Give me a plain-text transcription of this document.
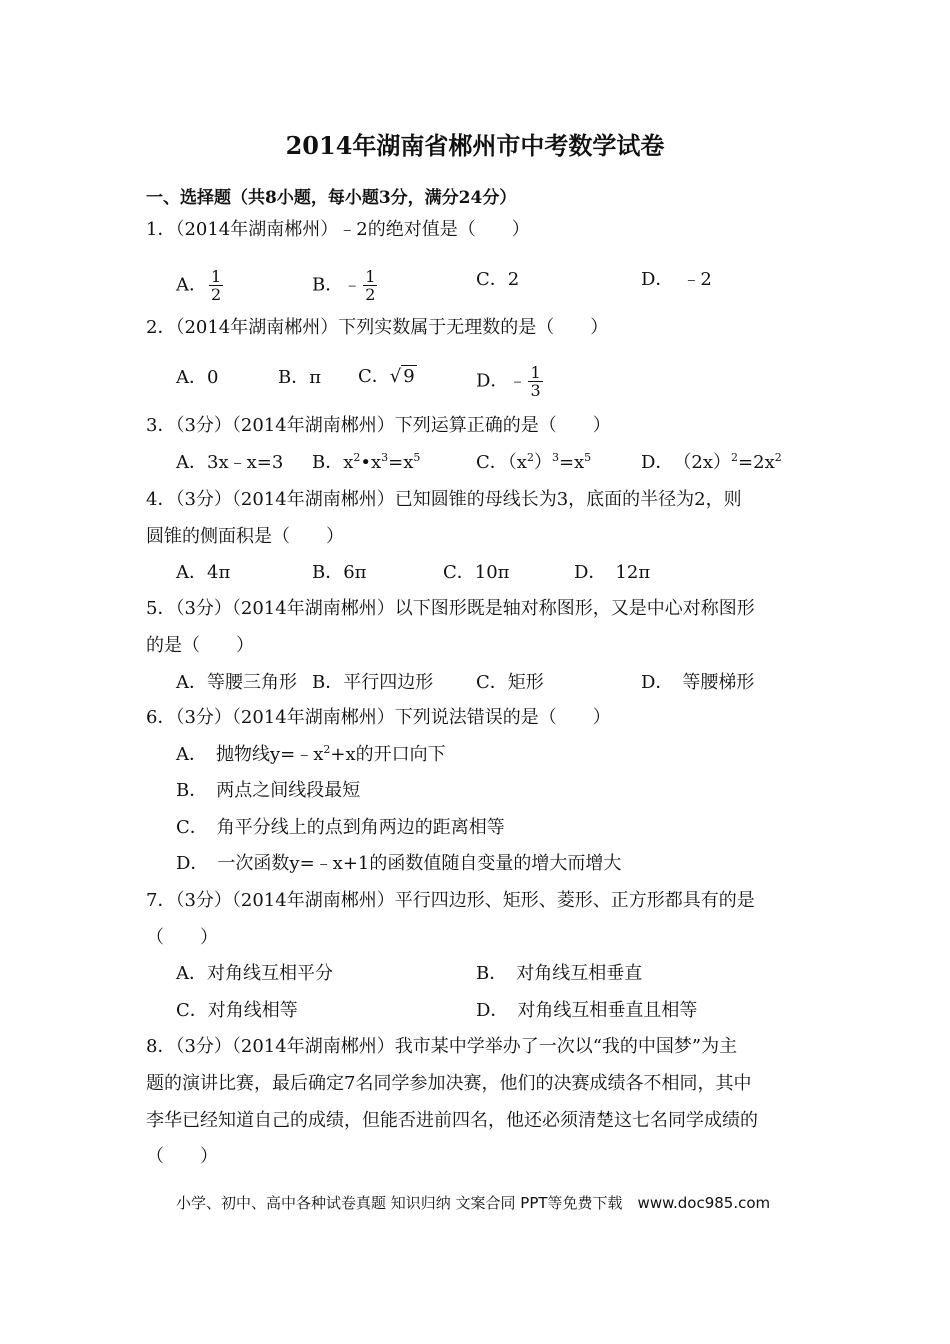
2014年湖南省郴州市中考数学试卷
一、选择题（共8小题，每小题3分，满分24分）
1．（2014年湖南郴州）﹣2的绝对值是（　　）
A． $\frac{1}{2}$	B．﹣ $\frac{1}{2}$	C．2	D．　﹣2
2．（2014年湖南郴州）下列实数属于无理数的是（　　）
A．0	B．π C．√ 9	D．﹣ $\frac{1}{3}$
3．（3分）（2014年湖南郴州）下列运算正确的是（　　）
A．3x﹣x=3 B．$x^2•x^3=x^5$	C．$(x^2)^3=x^5$	D．　$(2x)^2=2x^2$
4．（3分）（2014年湖南郴州）已知圆锥的母线长为3，底面的半径为2，则
圆锥的侧面积是（　　）
A．4π	B．6π	C．10π	D．　12π
5．（3分）（2014年湖南郴州）以下图形既是轴对称图形，又是中心对称图形
的是（　　）
A．等腰三角形 B．平行四边形 C．矩形	D．　等腰梯形
6．（3分）（2014年湖南郴州）下列说法错误的是（　　）
A．　抛物线$y=﹣x^2+x$的开口向下
B．　两点之间线段最短
C．　角平分线上的点到角两边的距离相等
D．　一次函数y=﹣x+1的函数值随自变量的增大而增大
7．（3分）（2014年湖南郴州）平行四边形、矩形、菱形、正方形都具有的是
（　　）
A．对角线互相平分	B．　对角线互相垂直
C．对角线相等	D．　对角线互相垂直且相等
8．（3分）（2014年湖南郴州）我市某中学举办了一次以“我的中国梦”为主
题的演讲比赛，最后确定7名同学参加决赛，他们的决赛成绩各不相同，其中
李华已经知道自己的成绩，但能否进前四名，他还必须清楚这七名同学成绩的
（　　）
小学、初中、高中各种试卷真题 知识归纳 文案合同 PPT等免费下载　www.doc985.com
